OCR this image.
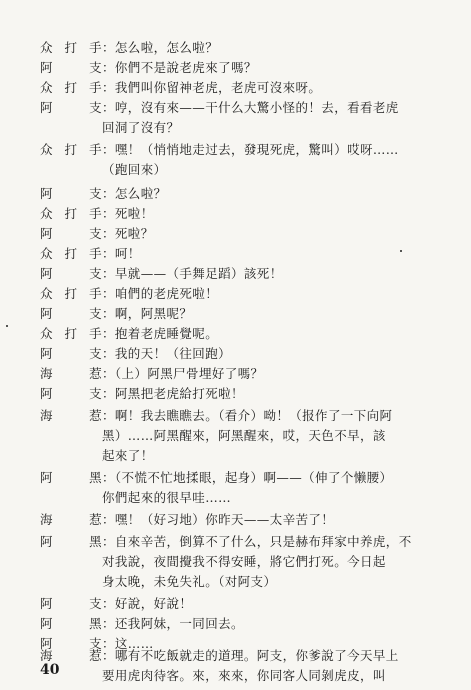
众打手：怎么啦，怎么啦？
阿　支：你們不是說老虎來了嗎？
众打手：我們叫你留神老虎，老虎可沒來呀。
阿　支：哼，沒有來——干什么大驚小怪的！去，看看老虎
回洞了沒有？
众打手：嘿！（悄悄地走过去，發現死虎，驚叫）哎呀……
（跑回來）
阿　支：怎么啦？
众打手：死啦！
阿　支：死啦？
众打手：呵！
阿　支：早就——（手舞足蹈）該死！
众打手：咱們的老虎死啦！
阿　支：啊，阿黑呢？
众打手：抱着老虎睡覺呢。
阿　支：我的天！（往回跑）
海　惹：（上）阿黑尸骨埋好了嗎？
阿　支：阿黑把老虎給打死啦！
海　惹：啊！我去瞧瞧去。（看介）呦！（报作了一下向阿
黑）……阿黑醒來，阿黑醒來，哎，天色不早，該
起來了！
阿　黑：（不慌不忙地揉眼，起身）啊——（伸了个懒腰）
你們起來的很早哇……
海　惹：嘿！（好习地）你昨天——太辛苦了！
阿　黑：自來辛苦，倒算不了什么，只是赫布拜家中养虎，不
对我說，夜間攪我不得安睡，將它們打死。今日起
身太晚，未免失礼。（对阿支）
阿　支：好說，好說！
阿　黑：还我阿妹，一同回去。
阿　支：这……
海　惹：哪有不吃飯就走的道理。阿支，你爹說了今天早上
要用虎肉待客。來，來來，你同客人同剝虎皮，叫
40
